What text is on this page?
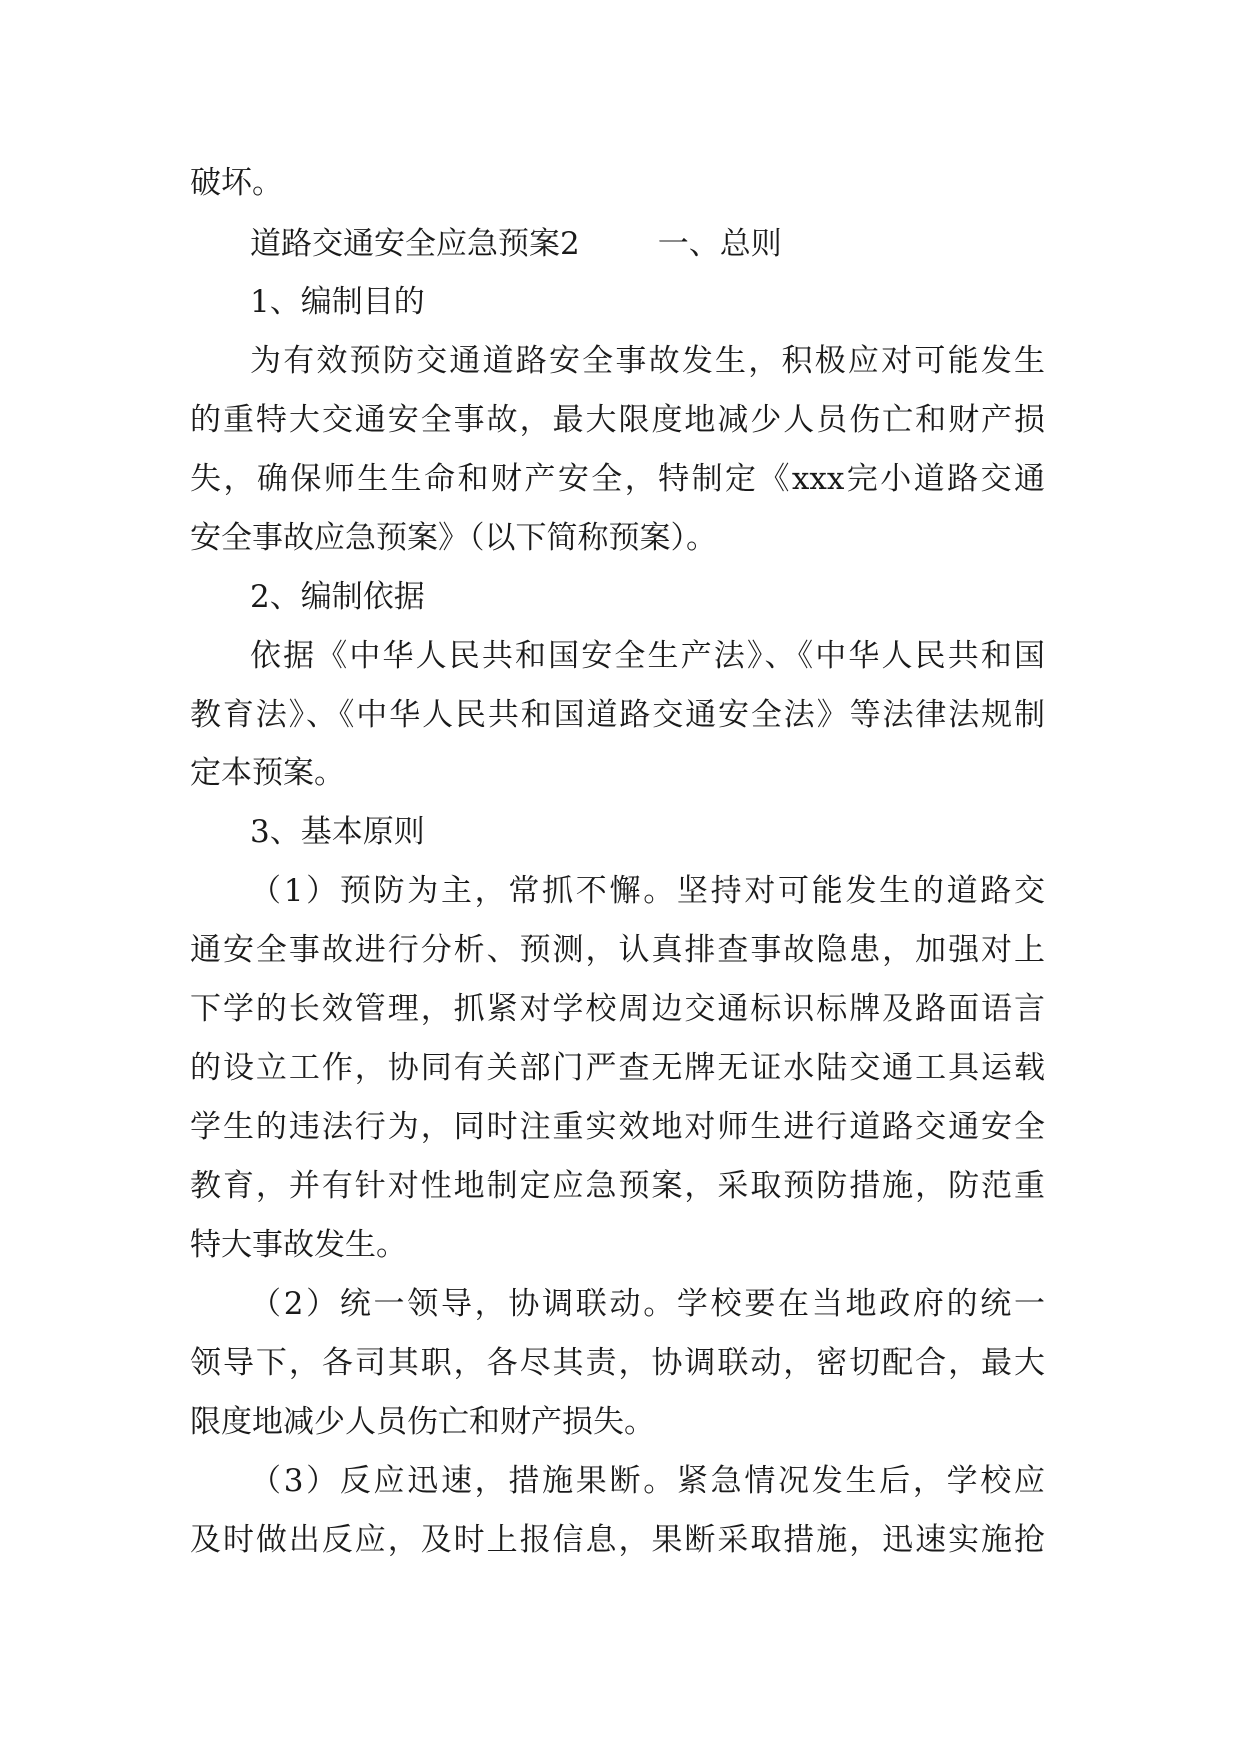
破坏。
道路交通安全应急预案2	一、总则
1、编制目的
为有效预防交通道路安全事故发生，积极应对可能发生
的重特大交通安全事故，最大限度地减少人员伤亡和财产损
失，确保师生生命和财产安全，特制定《xxx完小道路交通
安全事故应急预案》（以下简称预案）。
2、编制依据
依据《中华人民共和国安全生产法》、《中华人民共和国
教育法》、《中华人民共和国道路交通安全法》等法律法规制
定本预案。
3、基本原则
（1）预防为主，常抓不懈。坚持对可能发生的道路交
通安全事故进行分析、预测，认真排查事故隐患，加强对上
下学的长效管理，抓紧对学校周边交通标识标牌及路面语言
的设立工作，协同有关部门严查无牌无证水陆交通工具运载
学生的违法行为，同时注重实效地对师生进行道路交通安全
教育，并有针对性地制定应急预案，采取预防措施，防范重
特大事故发生。
（2）统一领导，协调联动。学校要在当地政府的统一
领导下，各司其职，各尽其责，协调联动，密切配合，最大
限度地减少人员伤亡和财产损失。
（3）反应迅速，措施果断。紧急情况发生后，学校应
及时做出反应，及时上报信息，果断采取措施，迅速实施抢
